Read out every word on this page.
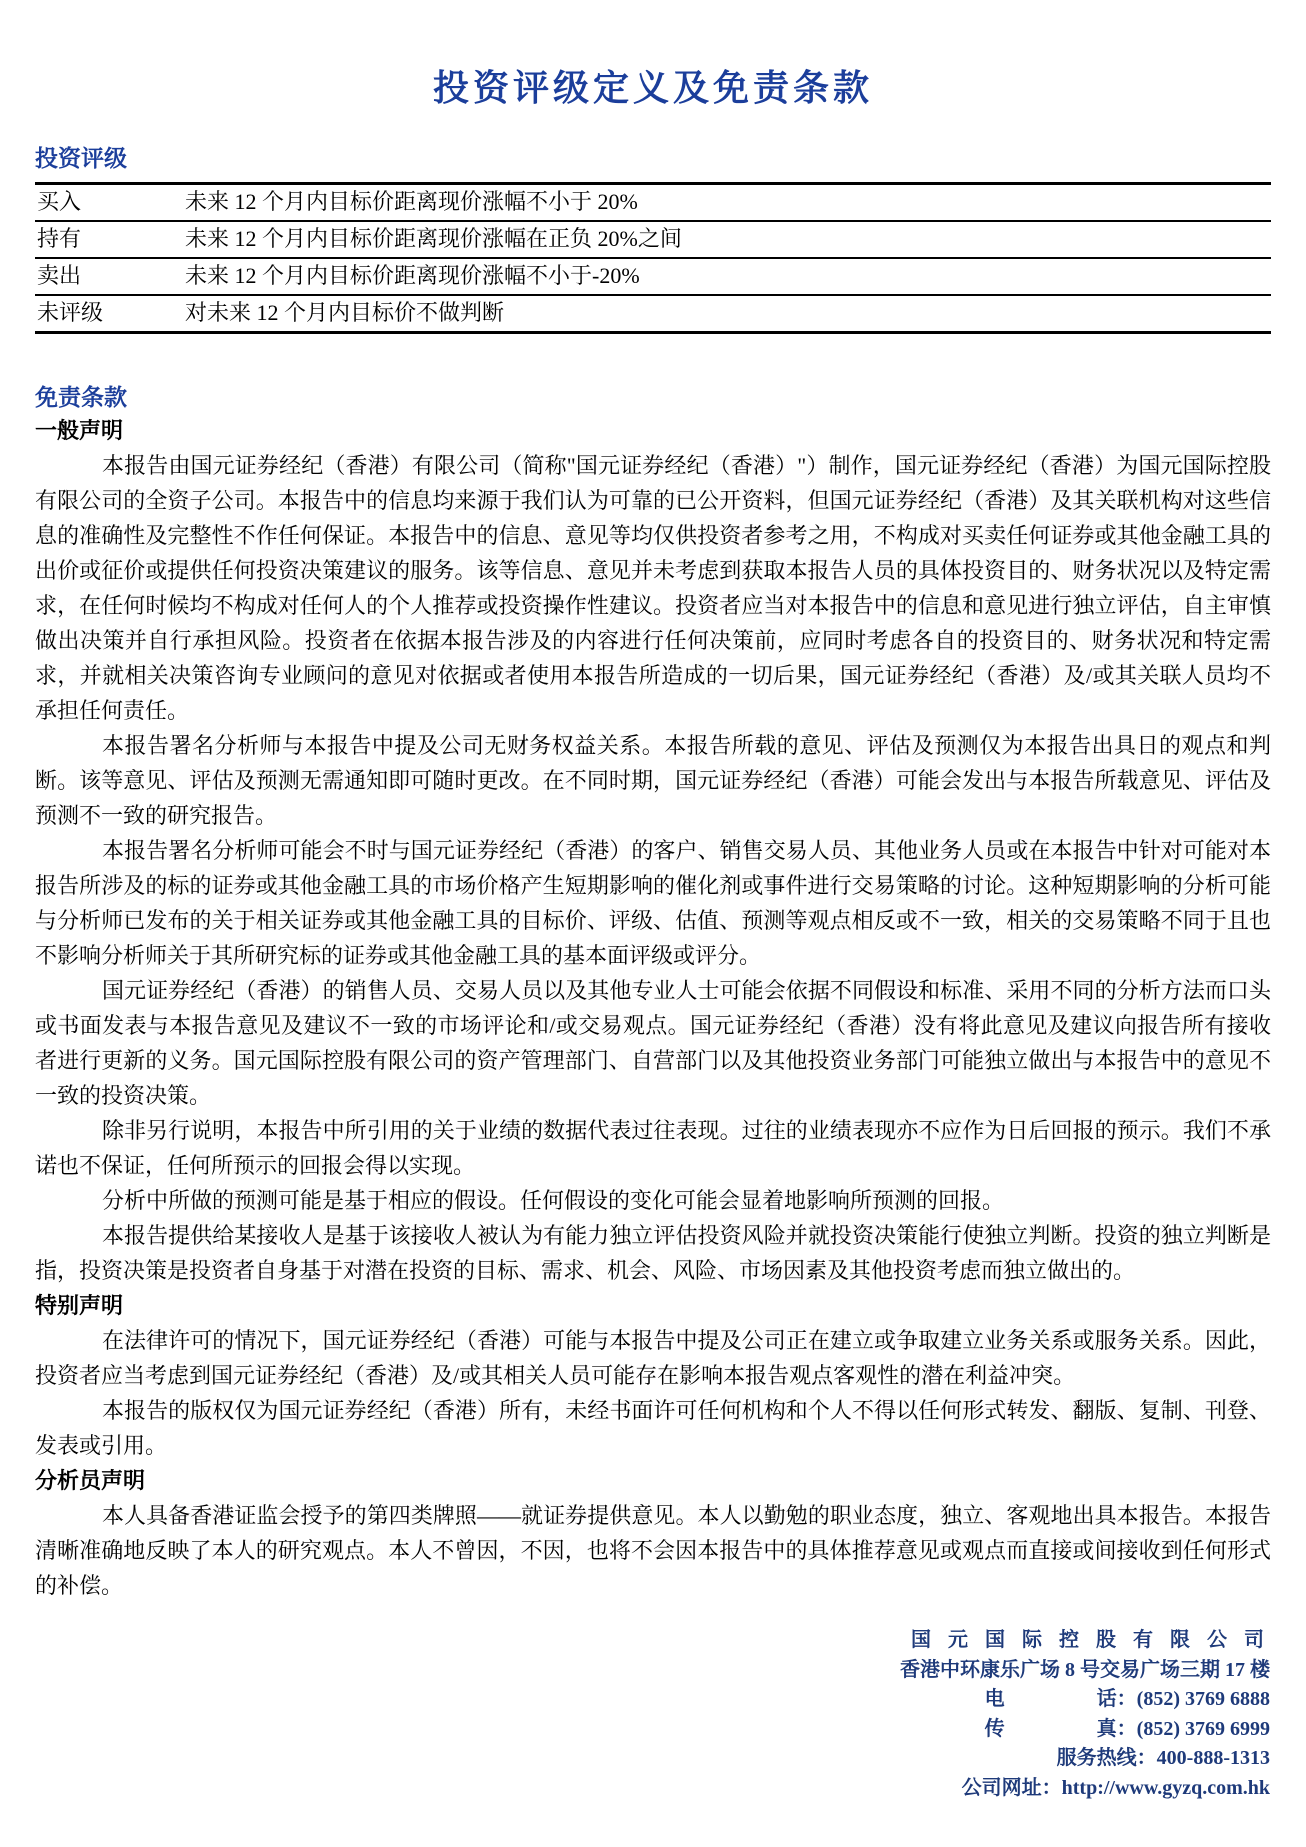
投资评级定义及免责条款
投资评级
买入	未来 12 个月内目标价距离现价涨幅不小于 20%
持有	未来 12 个月内目标价距离现价涨幅在正负 20%之间
卖出	未来 12 个月内目标价距离现价涨幅不小于-20%
未评级	对未来 12 个月内目标价不做判断
免责条款
一般声明

本报告由国元证券经纪（香港）有限公司（简称"国元证券经纪（香港）"）制作，国元证券经纪（香港）为国元国际控股有限公司的全资子公司。本报告中的信息均来源于我们认为可靠的已公开资料，但国元证券经纪（香港）及其关联机构对这些信息的准确性及完整性不作任何保证。本报告中的信息、意见等均仅供投资者参考之用，不构成对买卖任何证券或其他金融工具的出价或征价或提供任何投资决策建议的服务。该等信息、意见并未考虑到获取本报告人员的具体投资目的、财务状况以及特定需求，在任何时候均不构成对任何人的个人推荐或投资操作性建议。投资者应当对本报告中的信息和意见进行独立评估，自主审慎做出决策并自行承担风险。投资者在依据本报告涉及的内容进行任何决策前，应同时考虑各自的投资目的、财务状况和特定需求，并就相关决策咨询专业顾问的意见对依据或者使用本报告所造成的一切后果，国元证券经纪（香港）及/或其关联人员均不承担任何责任。

本报告署名分析师与本报告中提及公司无财务权益关系。本报告所载的意见、评估及预测仅为本报告出具日的观点和判断。该等意见、评估及预测无需通知即可随时更改。在不同时期，国元证券经纪（香港）可能会发出与本报告所载意见、评估及预测不一致的研究报告。

本报告署名分析师可能会不时与国元证券经纪（香港）的客户、销售交易人员、其他业务人员或在本报告中针对可能对本报告所涉及的标的证券或其他金融工具的市场价格产生短期影响的催化剂或事件进行交易策略的讨论。这种短期影响的分析可能与分析师已发布的关于相关证券或其他金融工具的目标价、评级、估值、预测等观点相反或不一致，相关的交易策略不同于且也不影响分析师关于其所研究标的证券或其他金融工具的基本面评级或评分。

国元证券经纪（香港）的销售人员、交易人员以及其他专业人士可能会依据不同假设和标准、采用不同的分析方法而口头或书面发表与本报告意见及建议不一致的市场评论和/或交易观点。国元证券经纪（香港）没有将此意见及建议向报告所有接收者进行更新的义务。国元国际控股有限公司的资产管理部门、自营部门以及其他投资业务部门可能独立做出与本报告中的意见不一致的投资决策。

除非另行说明，本报告中所引用的关于业绩的数据代表过往表现。过往的业绩表现亦不应作为日后回报的预示。我们不承诺也不保证，任何所预示的回报会得以实现。

分析中所做的预测可能是基于相应的假设。任何假设的变化可能会显着地影响所预测的回报。

本报告提供给某接收人是基于该接收人被认为有能力独立评估投资风险并就投资决策能行使独立判断。投资的独立判断是指，投资决策是投资者自身基于对潜在投资的目标、需求、机会、风险、市场因素及其他投资考虑而独立做出的。

特别声明

在法律许可的情况下，国元证券经纪（香港）可能与本报告中提及公司正在建立或争取建立业务关系或服务关系。因此，投资者应当考虑到国元证券经纪（香港）及/或其相关人员可能存在影响本报告观点客观性的潜在利益冲突。

本报告的版权仅为国元证券经纪（香港）所有，未经书面许可任何机构和个人不得以任何形式转发、翻版、复制、刊登、发表或引用。

分析员声明

本人具备香港证监会授予的第四类牌照——就证券提供意见。本人以勤勉的职业态度，独立、客观地出具本报告。本报告清晰准确地反映了本人的研究观点。本人不曾因，不因，也将不会因本报告中的具体推荐意见或观点而直接或间接收到任何形式的补偿。

国 元 国 际 控 股 有 限 公 司
香港中环康乐广场 8 号交易广场三期 17 楼
电	话：(852) 3769 6888
传	真：(852) 3769 6999
服务热线：400-888-1313
公司网址：http://www.gyzq.com.hk
